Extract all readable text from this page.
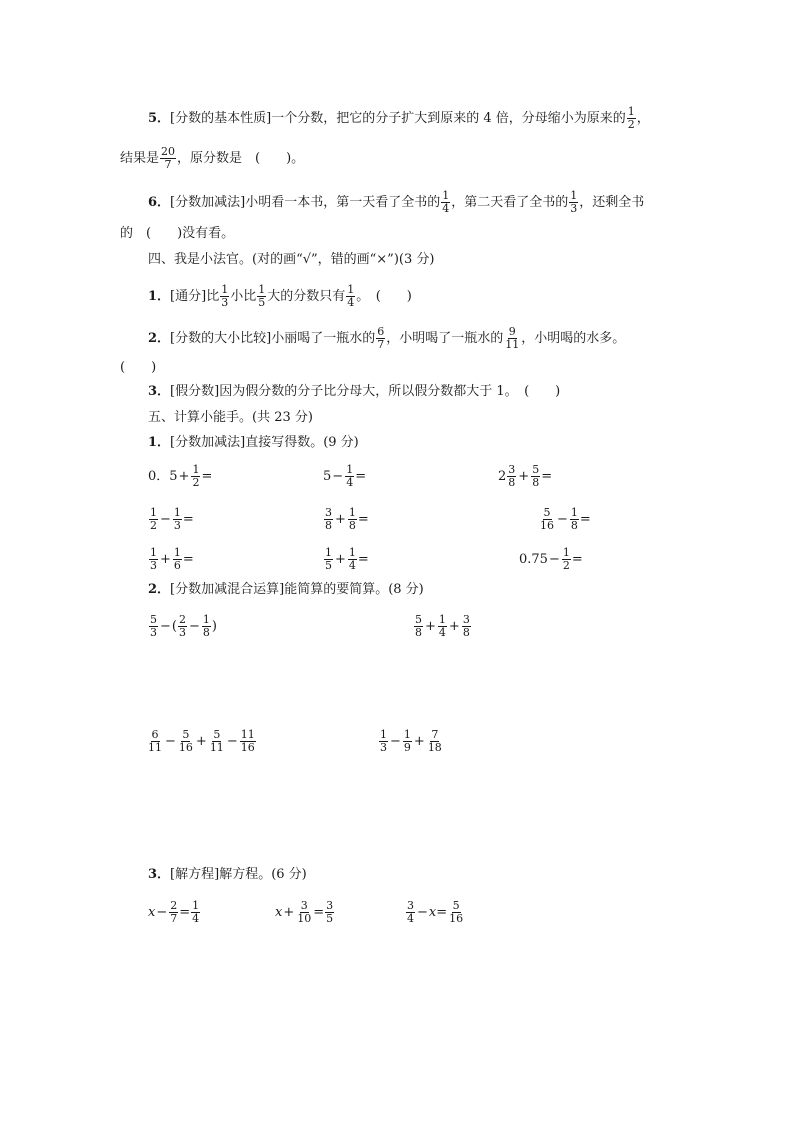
5．[分数的基本性质]一个分数，把它的分子扩大到原来的 4 倍，分母缩小为原来的 $\frac{1}{2}$ ，
结果是 $\frac{20}{7}$ ，原分数是　(　　)。
6．[分数加减法]小明看一本书，第一天看了全书的 $\frac{1}{4}$ ，第二天看了全书的 $\frac{1}{3}$ ，还剩全书
的　(　　)没有看。
四、我是小法官。(对的画“√”，错的画“×”)(3 分)
1．[通分]比 $\frac{1}{3}$ 小比 $\frac{1}{5}$ 大的分数只有 $\frac{1}{4}$ 。　(　　)
2．[分数的大小比较]小丽喝了一瓶水的 $\frac{6}{7}$ ，小明喝了一瓶水的 $\frac{9}{11}$ ，小明喝的水多。
(　　)
3．[假分数]因为假分数的分子比分母大，所以假分数都大于 1。　(　　)
五、计算小能手。(共 23 分)
1．[分数加减法]直接写得数。(9 分)
0．$5+ \frac{1}{2}$ =	$5- \frac{1}{4}$ =	$2 \frac{3}{8} + \frac{5}{8}$ =
$\frac{1}{2} - \frac{1}{3}$ =	$\frac{3}{8} + \frac{1}{8}$ =	$\frac{5}{16} - \frac{1}{8}$ =
$\frac{1}{3} + \frac{1}{6}$ =	$\frac{1}{5} + \frac{1}{4}$ =	$0.75- \frac{1}{2}$ =
2．[分数加减混合运算]能简算的要简算。(8 分)
$\frac{5}{3}$ −( $\frac{2}{3} - \frac{1}{8}$ )	$\frac{5}{8} + \frac{1}{4} + \frac{3}{8}$
$\frac{6}{11} - \frac{5}{16} + \frac{5}{11} - \frac{11}{16}$	$\frac{1}{3} - \frac{1}{9} + \frac{7}{18}$
3．[解方程]解方程。(6 分)
$x- \frac{2}{7} = \frac{1}{4}$	$x+ \frac{3}{10} = \frac{3}{5}$	$\frac{3}{4} -x= \frac{5}{16}$
